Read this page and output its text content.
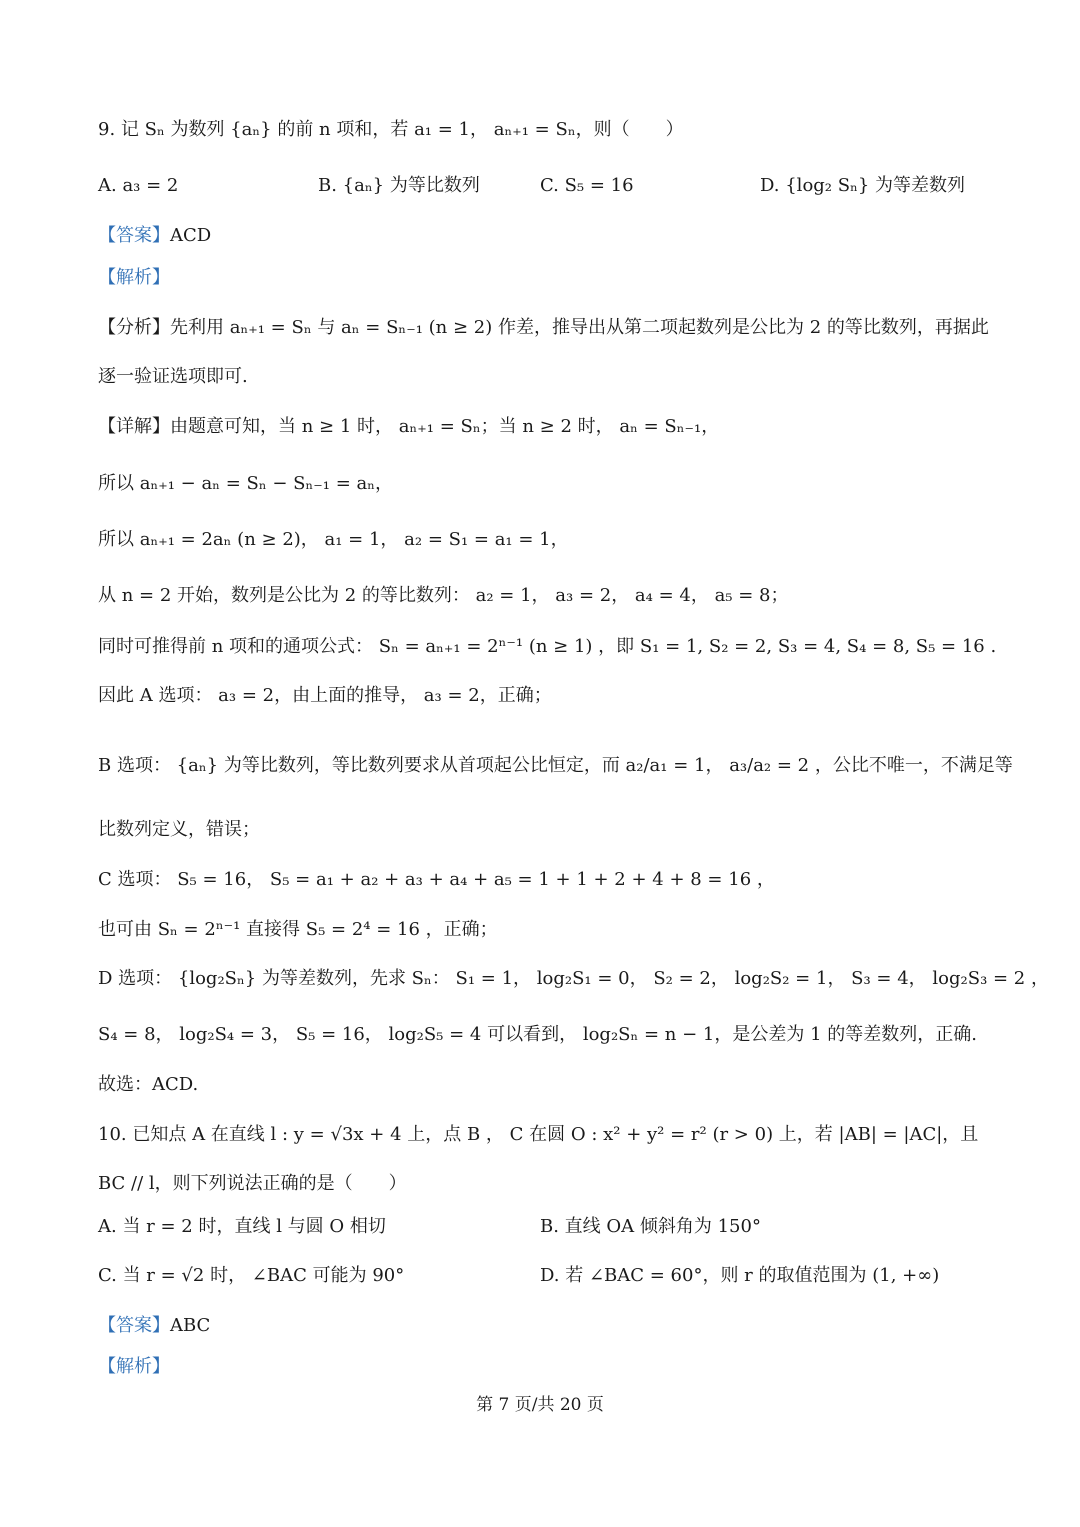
9. 记 Sₙ 为数列 {aₙ} 的前 n 项和，若 a₁ = 1， aₙ₊₁ = Sₙ，则（　　）
A. a₃ = 2	B. {aₙ} 为等比数列	C. S₅ = 16	D. {log₂ Sₙ} 为等差数列
【答案】ACD
【解析】
【分析】先利用 aₙ₊₁ = Sₙ 与 aₙ = Sₙ₋₁ (n ≥ 2) 作差，推导出从第二项起数列是公比为 2 的等比数列，再据此
逐一验证选项即可.
【详解】由题意可知，当 n ≥ 1 时， aₙ₊₁ = Sₙ；当 n ≥ 2 时， aₙ = Sₙ₋₁，
所以 aₙ₊₁ − aₙ = Sₙ − Sₙ₋₁ = aₙ，
所以 aₙ₊₁ = 2aₙ (n ≥ 2)， a₁ = 1， a₂ = S₁ = a₁ = 1，
从 n = 2 开始，数列是公比为 2 的等比数列： a₂ = 1， a₃ = 2， a₄ = 4， a₅ = 8；
同时可推得前 n 项和的通项公式： Sₙ = aₙ₊₁ = 2ⁿ⁻¹ (n ≥ 1) ，即 S₁ = 1, S₂ = 2, S₃ = 4, S₄ = 8, S₅ = 16 .
因此 A 选项： a₃ = 2，由上面的推导， a₃ = 2，正确；
B 选项： {aₙ} 为等比数列，等比数列要求从首项起公比恒定，而 a₂/a₁ = 1， a₃/a₂ = 2 ，公比不唯一，不满足等
比数列定义，错误；
C 选项： S₅ = 16， S₅ = a₁ + a₂ + a₃ + a₄ + a₅ = 1 + 1 + 2 + 4 + 8 = 16 ，
也可由 Sₙ = 2ⁿ⁻¹ 直接得 S₅ = 2⁴ = 16 ，正确；
D 选项： {log₂Sₙ} 为等差数列，先求 Sₙ： S₁ = 1， log₂S₁ = 0， S₂ = 2， log₂S₂ = 1， S₃ = 4， log₂S₃ = 2 ，
S₄ = 8， log₂S₄ = 3， S₅ = 16， log₂S₅ = 4 可以看到， log₂Sₙ = n − 1，是公差为 1 的等差数列，正确.
故选：ACD.
10. 已知点 A 在直线 l : y = √3x + 4 上，点 B ， C 在圆 O : x² + y² = r² (r > 0) 上，若 |AB| = |AC|，且
BC // l，则下列说法正确的是（　　）
A. 当 r = 2 时，直线 l 与圆 O 相切	B. 直线 OA 倾斜角为 150°
C. 当 r = √2 时， ∠BAC 可能为 90°	D. 若 ∠BAC = 60°，则 r 的取值范围为 (1, +∞)
【答案】ABC
【解析】
第 7 页/共 20 页
